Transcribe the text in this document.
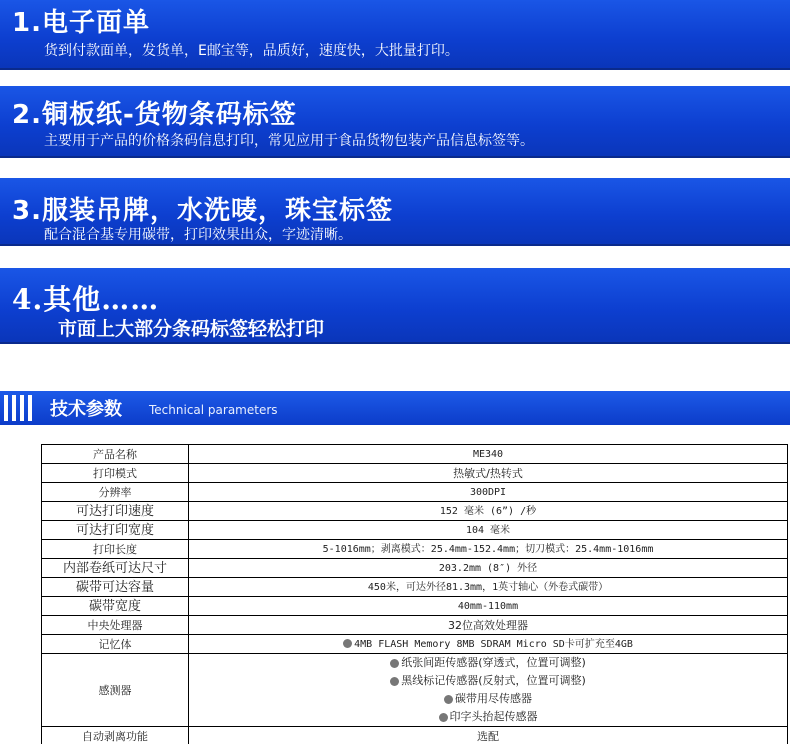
1.电子面单
货到付款面单，发货单，E邮宝等，品质好，速度快，大批量打印。
2.铜板纸-货物条码标签
主要用于产品的价格条码信息打印，常见应用于食品货物包装产品信息标签等。
3.服装吊牌，水洗唛，珠宝标签
配合混合基专用碳带，打印效果出众，字迹清晰。
4.其他……
市面上大部分条码标签轻松打印
技术参数 Technical parameters
产品名称	ME340
打印模式	热敏式/热转式
分辨率	300DPI
可达打印速度	152 毫米 (6”) /秒
可达打印宽度	104 毫米
打印长度	5-1016mm；剥离模式：25.4mm-152.4mm；切刀模式：25.4mm-1016mm
内部卷纸可达尺寸	203.2mm (8″) 外径
碳带可达容量	450米，可达外径81.3mm，1英寸轴心（外卷式碳带）
碳带宽度	40mm-110mm
中央处理器	32位高效处理器
记忆体	4MB FLASH Memory 8MB SDRAM Micro SD卡可扩充至4GB
感测器	纸张间距传感器(穿透式，位置可调整)
黑线标记传感器(反射式，位置可调整)
碳带用尽传感器
印字头抬起传感器

自动剥离功能	选配
